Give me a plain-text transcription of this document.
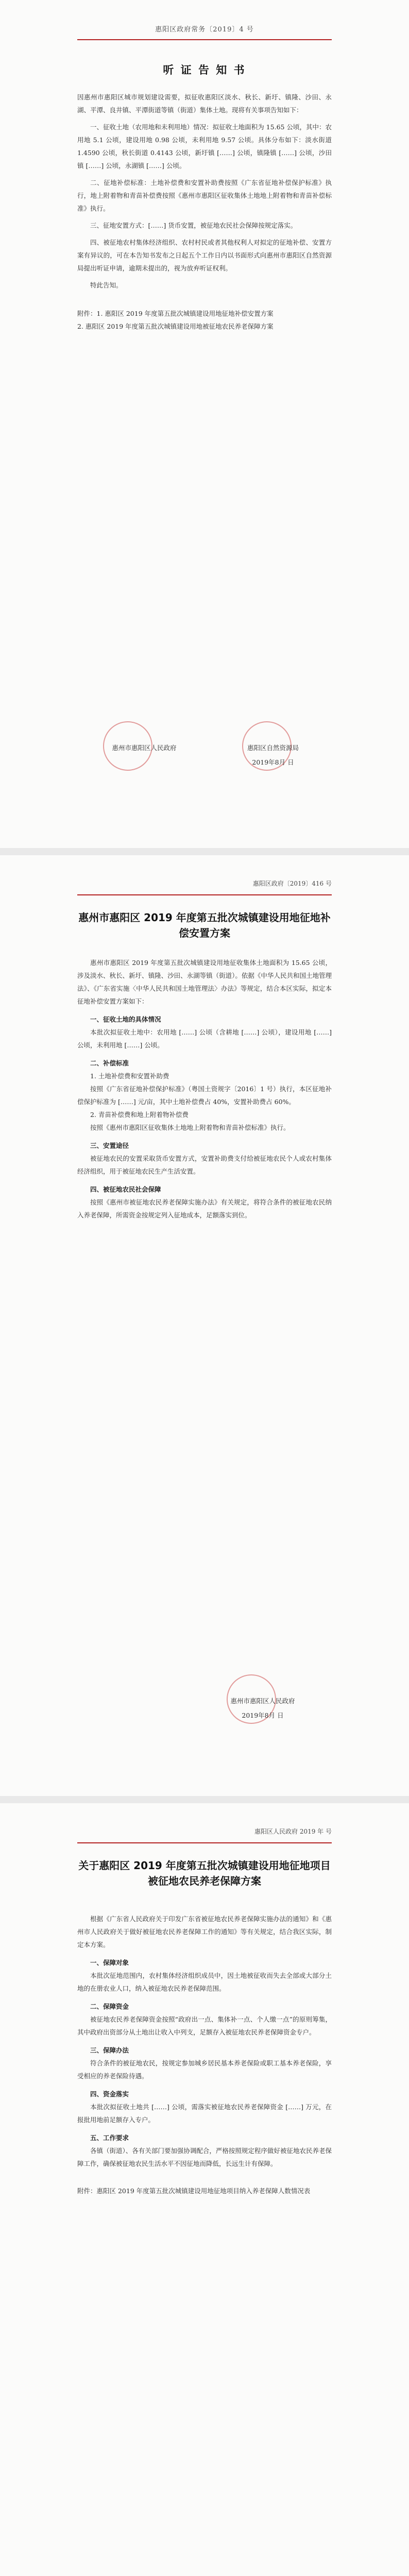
惠阳区政府常务〔2019〕4 号
听 证 告 知 书

因惠州市惠阳区城市规划建设需要，拟征收惠阳区淡水、秋长、新圩、镇隆、沙田、永湖、平潭、良井镇、平潭街道等镇（街道）集体土地。现将有关事项告知如下：

一、征收土地（农用地和未利用地）情况：拟征收土地面积为 15.65 公顷，其中：农用地 5.1 公顷，建设用地 0.98 公顷，未利用地 9.57 公顷。具体分布如下：淡水街道 1.4590 公顷，秋长街道 0.4143 公顷，新圩镇 [……] 公顷，镇隆镇 [……] 公顷，沙田镇 [……] 公顷，永湖镇 [……] 公顷。

二、征地补偿标准：土地补偿费和安置补助费按照《广东省征地补偿保护标准》执行，地上附着物和青苗补偿费按照《惠州市惠阳区征收集体土地地上附着物和青苗补偿标准》执行。

三、征地安置方式：[……] 货币安置，被征地农民社会保障按规定落实。

四、被征地农村集体经济组织、农村村民或者其他权利人对拟定的征地补偿、安置方案有异议的，可在本告知书发布之日起五个工作日内以书面形式向惠州市惠阳区自然资源局提出听证申请，逾期未提出的，视为放弃听证权利。

特此告知。

附件：1. 惠阳区 2019 年度第五批次城镇建设用地征地补偿安置方案
2. 惠阳区 2019 年度第五批次城镇建设用地被征地农民养老保障方案

惠州市惠阳区人民政府	惠阳区自然资源局
2019年8月 日
惠阳区政府〔2019〕416 号
惠州市惠阳区 2019 年度第五批次城镇建设用地征地补偿安置方案

惠州市惠阳区 2019 年度第五批次城镇建设用地征收集体土地面积为 15.65 公顷，涉及淡水、秋长、新圩、镇隆、沙田、永湖等镇（街道）。依据《中华人民共和国土地管理法》、《广东省实施〈中华人民共和国土地管理法〉办法》等规定，结合本区实际，拟定本征地补偿安置方案如下：

一、征收土地的具体情况

本批次拟征收土地中：农用地 [……] 公顷（含耕地 [……] 公顷），建设用地 [……] 公顷，未利用地 [……] 公顷。

二、补偿标准

1. 土地补偿费和安置补助费

按照《广东省征地补偿保护标准》（粤国土资规字〔2016〕1 号）执行，本区征地补偿保护标准为 [……] 元/亩，其中土地补偿费占 40%，安置补助费占 60%。

2. 青苗补偿费和地上附着物补偿费

按照《惠州市惠阳区征收集体土地地上附着物和青苗补偿标准》执行。

三、安置途径

被征地农民的安置采取货币安置方式，安置补助费支付给被征地农民个人或农村集体经济组织，用于被征地农民生产生活安置。

四、被征地农民社会保障

按照《惠州市被征地农民养老保障实施办法》有关规定，将符合条件的被征地农民纳入养老保障，所需资金按规定列入征地成本，足额落实到位。

惠州市惠阳区人民政府
2019年8月 日
惠阳区人民政府 2019 年 号
关于惠阳区 2019 年度第五批次城镇建设用地征地项目被征地农民养老保障方案

根据《广东省人民政府关于印发广东省被征地农民养老保障实施办法的通知》和《惠州市人民政府关于做好被征地农民养老保障工作的通知》等有关规定，结合我区实际，制定本方案。

一、保障对象

本批次征地范围内，农村集体经济组织成员中，因土地被征收而失去全部或大部分土地的在册农业人口，纳入被征地农民养老保障范围。

二、保障资金

被征地农民养老保障资金按照“政府出一点、集体补一点、个人缴一点”的原则筹集，其中政府出资部分从土地出让收入中列支，足额存入被征地农民养老保障资金专户。

三、保障办法

符合条件的被征地农民，按规定参加城乡居民基本养老保险或职工基本养老保险，享受相应的养老保险待遇。

四、资金落实

本批次拟征收土地共 [……] 公顷，需落实被征地农民养老保障资金 [……] 万元，在报批用地前足额存入专户。

五、工作要求

各镇（街道）、各有关部门要加强协调配合，严格按照规定程序做好被征地农民养老保障工作，确保被征地农民生活水平不因征地而降低，长远生计有保障。

附件：惠阳区 2019 年度第五批次城镇建设用地征地项目纳入养老保障人数情况表
